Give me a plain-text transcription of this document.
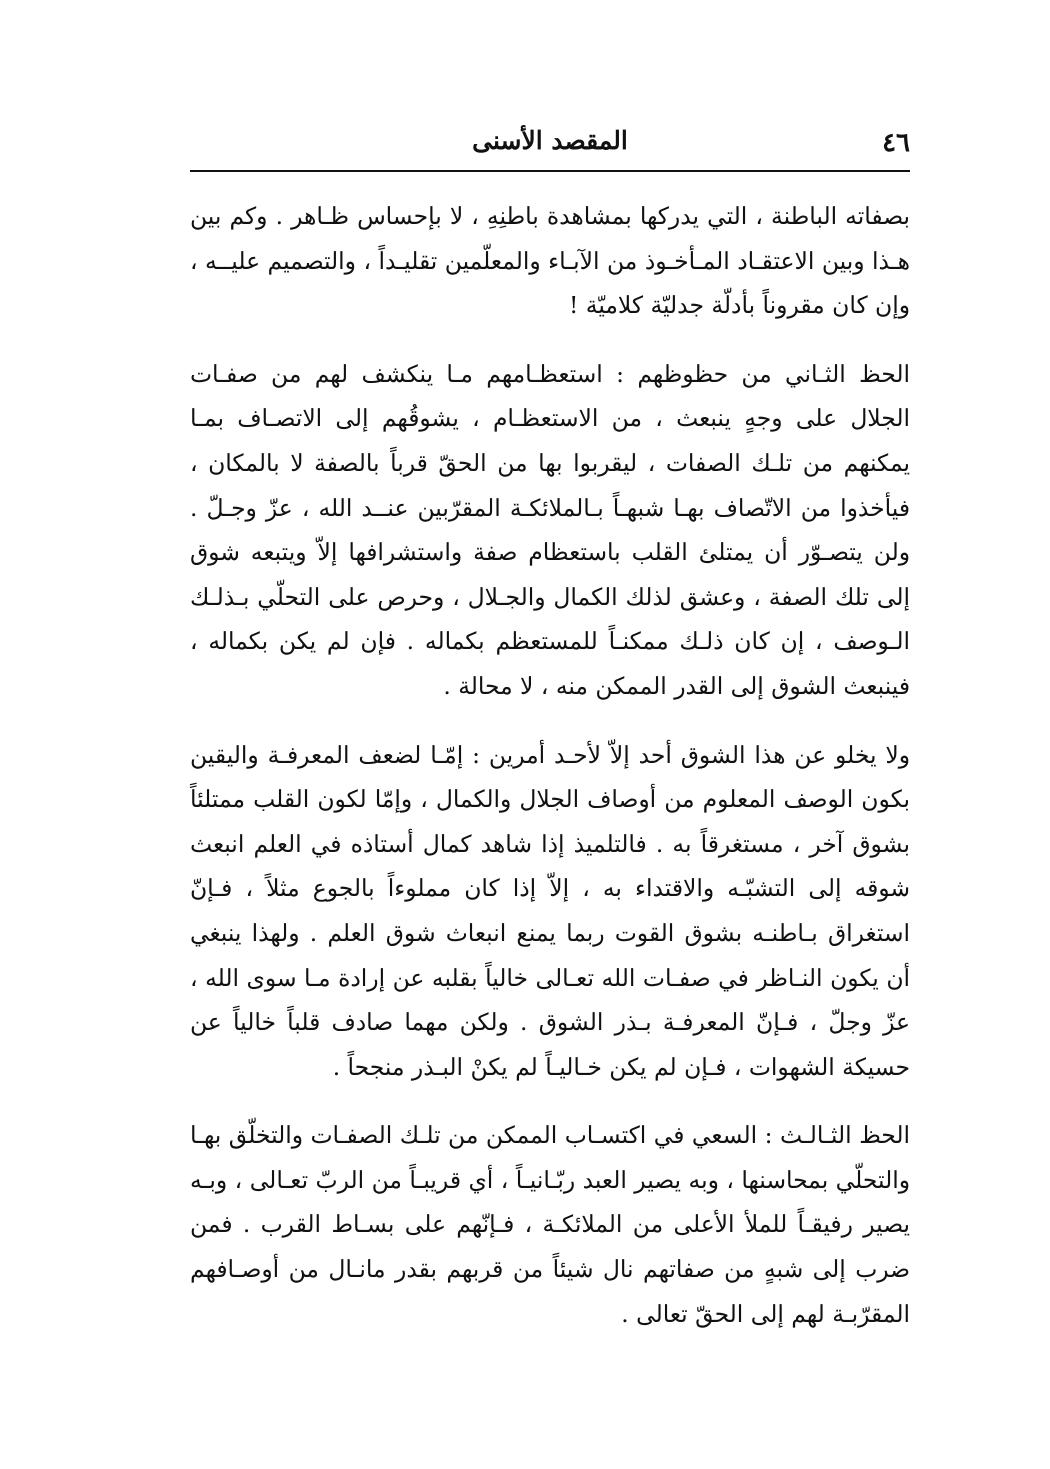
٤٦
المقصد الأسنى

بصفاته الباطنة ، التي يدركها بمشاهدة باطنِهِ ، لا بإحساس ظـاهر . وكم بين هـذا وبين الاعتقـاد المـأخـوذ من الآبـاء والمعلّمين تقليـداً ، والتصميم عليــه ، وإن كان مقروناً بأدلّة جدليّة كلاميّة !

الحظ الثـاني من حظوظهم : استعظـامهم مـا ينكشف لهم من صفـات الجلال على وجهٍ ينبعث ، من الاستعظـام ، يشوقُهم إلى الاتصـاف بمـا يمكنهم من تلـك الصفات ، ليقربوا بها من الحقّ قرباً بالصفة لا بالمكان ، فيأخذوا من الاتّصاف بهـا شبهـاً بـالملائكـة المقرّبين عنــد الله ، عزّ وجـلّ . ولن يتصـوّر أن يمتلئ القلب باستعظام صفة واستشرافها إلاّ ويتبعه شوق إلى تلك الصفة ، وعشق لذلك الكمال والجـلال ، وحرص على التحلّي بـذلـك الـوصف ، إن كان ذلـك ممكنـاً للمستعظم بكماله . فإن لم يكن بكماله ، فينبعث الشوق إلى القدر الممكن منه ، لا محالة .

ولا يخلو عن هذا الشوق أحد إلاّ لأحـد أمرين : إمّـا لضعف المعرفـة واليقين بكون الوصف المعلوم من أوصاف الجلال والكمال ، وإمّا لكون القلب ممتلئاً بشوق آخر ، مستغرقاً به . فالتلميذ إذا شاهد كمال أستاذه في العلم انبعث شوقه إلى التشبّـه والاقتداء به ، إلاّ إذا كان مملوءاً بالجوع مثلاً ، فـإنّ استغراق بـاطنـه بشوق القوت ربما يمنع انبعاث شوق العلم . ولهذا ينبغي أن يكون النـاظر في صفـات الله تعـالى خالياً بقلبه عن إرادة مـا سوى الله ، عزّ وجلّ ، فـإنّ المعرفـة بـذر الشوق . ولكن مهما صادف قلباً خالياً عن حسيكة الشهوات ، فـإن لم يكن خـاليـاً لم يكنْ البـذر منجحاً .

الحظ الثـالـث : السعي في اكتسـاب الممكن من تلـك الصفـات والتخلّق بهـا والتحلّي بمحاسنها ، وبه يصير العبد ربّـانيـاً ، أي قريبـاً من الربّ تعـالى ، وبـه يصير رفيقـاً للملأ الأعلى من الملائكـة ، فـإنّهم على بسـاط القرب . فمن ضرب إلى شبهٍ من صفاتهم نال شيئاً من قربهم بقدر مانـال من أوصـافهم المقرّبـة لهم إلى الحقّ تعالى .
